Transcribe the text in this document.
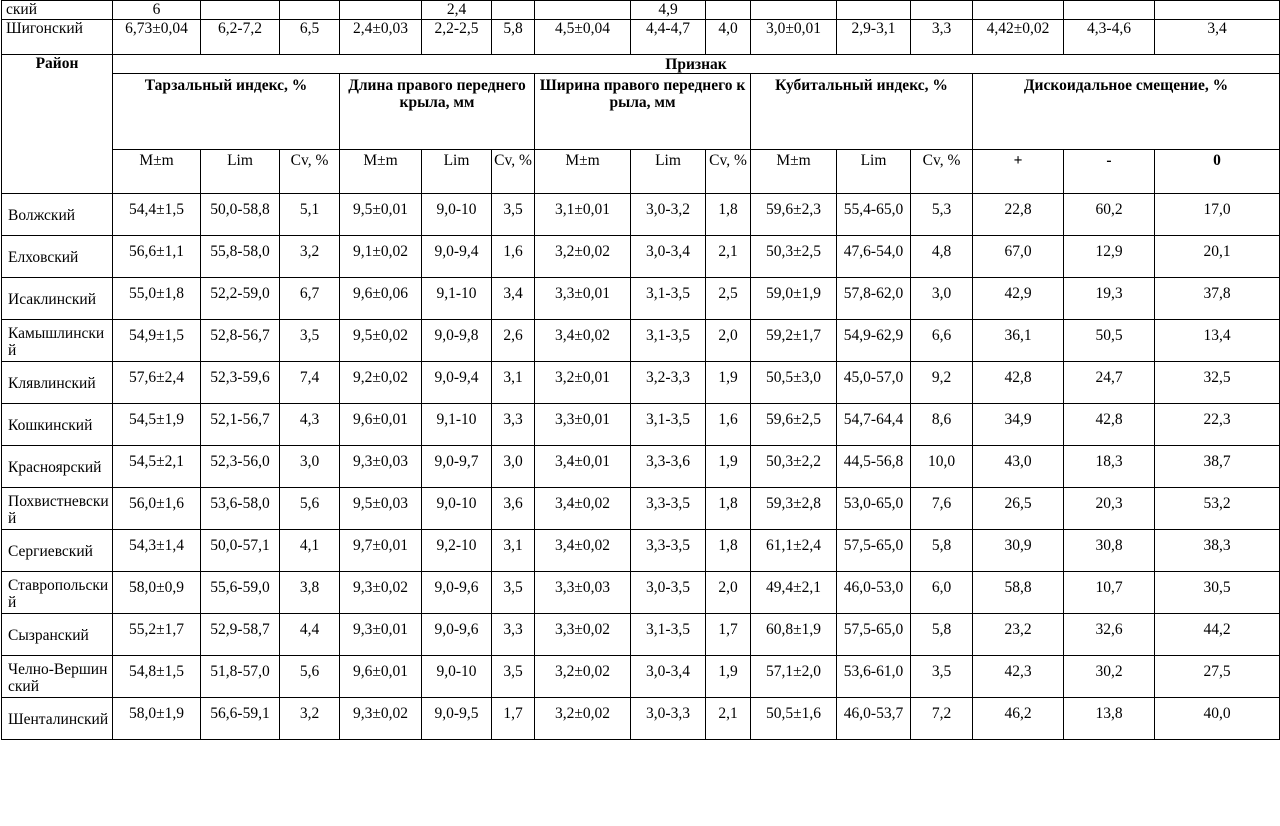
ский	6				2,4			4,9							
Шигонский	6,73±0,04	6,2-7,2	6,5	2,4±0,03	2,2-2,5	5,8	4,5±0,04	4,4-4,7	4,0	3,0±0,01	2,9-3,1	3,3	4,42±0,02	4,3-4,6	3,4
Район	Признак														
	Тарзальный индекс, %			Длина правого переднего крыла, мм			Ширина правого переднего крыла, мм			Кубитальный индекс, %			Дискоидальное смещение, %		
	M±m	Lim	Cv, %	M±m	Lim	Cv, %	M±m	Lim	Cv, %	M±m	Lim	Cv, %	+	-	0
Волжский	54,4±1,5	50,0-58,8	5,1	9,5±0,01	9,0-10	3,5	3,1±0,01	3,0-3,2	1,8	59,6±2,3	55,4-65,0	5,3	22,8	60,2	17,0
Елховский	56,6±1,1	55,8-58,0	3,2	9,1±0,02	9,0-9,4	1,6	3,2±0,02	3,0-3,4	2,1	50,3±2,5	47,6-54,0	4,8	67,0	12,9	20,1
Исаклинский	55,0±1,8	52,2-59,0	6,7	9,6±0,06	9,1-10	3,4	3,3±0,01	3,1-3,5	2,5	59,0±1,9	57,8-62,0	3,0	42,9	19,3	37,8
Камышлинский	54,9±1,5	52,8-56,7	3,5	9,5±0,02	9,0-9,8	2,6	3,4±0,02	3,1-3,5	2,0	59,2±1,7	54,9-62,9	6,6	36,1	50,5	13,4
Клявлинский	57,6±2,4	52,3-59,6	7,4	9,2±0,02	9,0-9,4	3,1	3,2±0,01	3,2-3,3	1,9	50,5±3,0	45,0-57,0	9,2	42,8	24,7	32,5
Кошкинский	54,5±1,9	52,1-56,7	4,3	9,6±0,01	9,1-10	3,3	3,3±0,01	3,1-3,5	1,6	59,6±2,5	54,7-64,4	8,6	34,9	42,8	22,3
Красноярский	54,5±2,1	52,3-56,0	3,0	9,3±0,03	9,0-9,7	3,0	3,4±0,01	3,3-3,6	1,9	50,3±2,2	44,5-56,8	10,0	43,0	18,3	38,7
Похвистневский	56,0±1,6	53,6-58,0	5,6	9,5±0,03	9,0-10	3,6	3,4±0,02	3,3-3,5	1,8	59,3±2,8	53,0-65,0	7,6	26,5	20,3	53,2
Сергиевский	54,3±1,4	50,0-57,1	4,1	9,7±0,01	9,2-10	3,1	3,4±0,02	3,3-3,5	1,8	61,1±2,4	57,5-65,0	5,8	30,9	30,8	38,3
Ставропольский	58,0±0,9	55,6-59,0	3,8	9,3±0,02	9,0-9,6	3,5	3,3±0,03	3,0-3,5	2,0	49,4±2,1	46,0-53,0	6,0	58,8	10,7	30,5
Сызранский	55,2±1,7	52,9-58,7	4,4	9,3±0,01	9,0-9,6	3,3	3,3±0,02	3,1-3,5	1,7	60,8±1,9	57,5-65,0	5,8	23,2	32,6	44,2
Челно-Вершинский	54,8±1,5	51,8-57,0	5,6	9,6±0,01	9,0-10	3,5	3,2±0,02	3,0-3,4	1,9	57,1±2,0	53,6-61,0	3,5	42,3	30,2	27,5
Шенталинский	58,0±1,9	56,6-59,1	3,2	9,3±0,02	9,0-9,5	1,7	3,2±0,02	3,0-3,3	2,1	50,5±1,6	46,0-53,7	7,2	46,2	13,8	40,0
